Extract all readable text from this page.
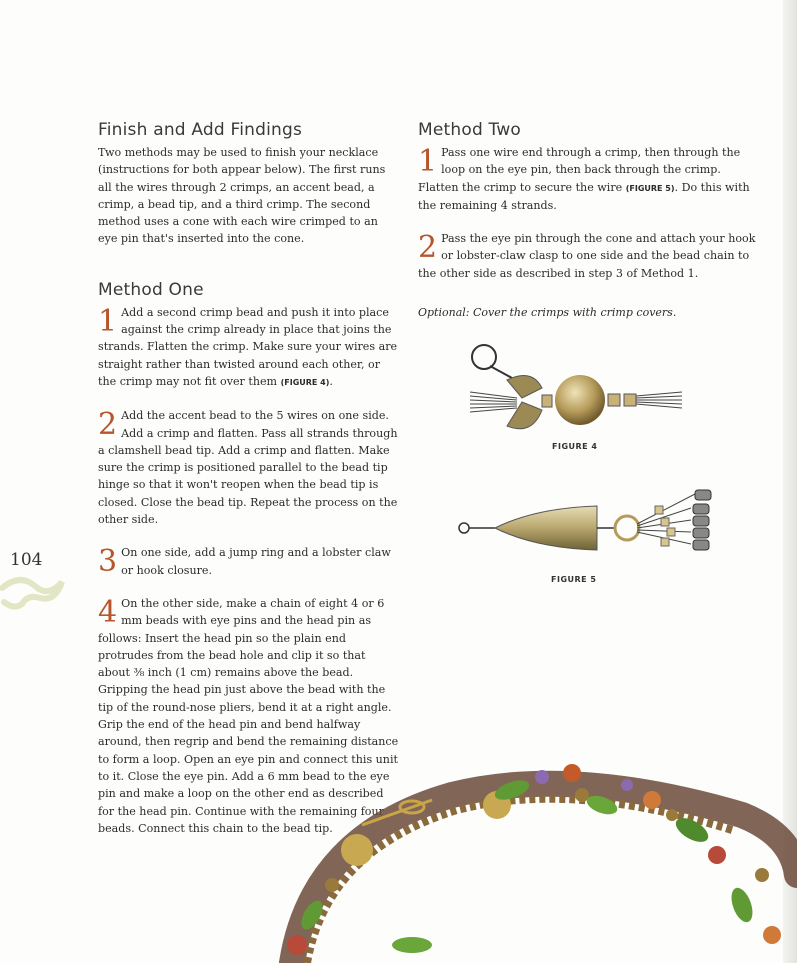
Finish and Add Findings

Two methods may be used to finish your necklace (instructions for both appear below). The first runs all the wires through 2 crimps, an accent bead, a crimp, a bead tip, and a third crimp. The second method uses a cone with each wire crimped to an eye pin that's inserted into the cone.

Method One

1 Add a second crimp bead and push it into place against the crimp already in place that joins the strands. Flatten the crimp. Make sure your wires are straight rather than twisted around each other, or the crimp may not fit over them (FIGURE 4).

2 Add the accent bead to the 5 wires on one side. Add a crimp and flatten. Pass all strands through a clamshell bead tip. Add a crimp and flatten. Make sure the crimp is positioned parallel to the bead tip hinge so that it won't reopen when the bead tip is closed. Close the bead tip. Repeat the process on the other side.

3 On one side, add a jump ring and a lobster claw or hook closure.

4 On the other side, make a chain of eight 4 or 6 mm beads with eye pins and the head pin as follows: Insert the head pin so the plain end protrudes from the bead hole and clip it so that about ⅜ inch (1 cm) remains above the bead. Gripping the head pin just above the bead with the tip of the round-nose pliers, bend it at a right angle. Grip the end of the head pin and bend halfway around, then regrip and bend the remaining distance to form a loop. Open an eye pin and connect this unit to it. Close the eye pin. Add a 6 mm bead to the eye pin and make a loop on the other end as described for the head pin. Continue with the remaining four beads. Connect this chain to the bead tip.

Method Two

1 Pass one wire end through a crimp, then through the loop on the eye pin, then back through the crimp. Flatten the crimp to secure the wire (FIGURE 5). Do this with the remaining 4 strands.

2 Pass the eye pin through the cone and attach your hook or lobster-claw clasp to one side and the bead chain to the other side as described in step 3 of Method 1.

Optional: Cover the crimps with crimp covers.

FIGURE 4
FIGURE 5
104
